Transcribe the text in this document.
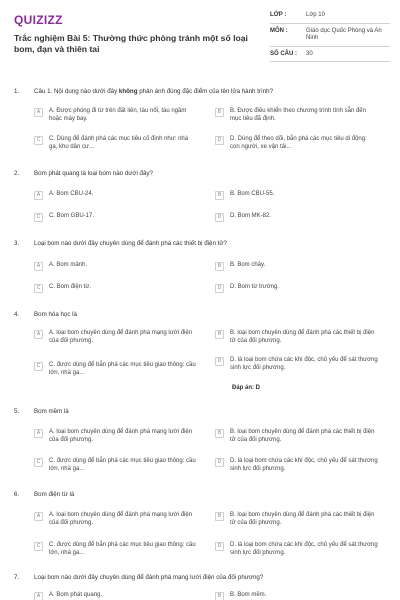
QUIZIZZ
Trắc nghiệm Bài 5: Thường thức phòng tránh một số loại bom, đạn và thiên tai
LỚP :	Lớp 10
MÔN :	Giáo dục Quốc Phòng và An Ninh
SỐ CÂU :	30
1.	Câu 1. Nội dung nào dưới đây không phản ánh đúng đặc điểm của tên lửa hành trình?
A	A. Được phóng đi từ trên đất liền, tàu nổi, tàu ngầm hoặc máy bay.
B	B. Được điều khiển theo chương trình tính sẵn đến mục tiêu đã định.
C	C. Dùng để đánh phá các mục tiêu cố định như: nhà ga, khu dân cư...
D	D. Dùng để theo dõi, bắn phá các mục tiêu di động: con người, xe vận tải...
2.	Bom phát quang là loại bom nào dưới đây?
A	A. Bom CBU-24.	B	B. Bom CBU-55.
C	C. Bom GBU-17.	D	D. Bom MK-82.
3.	Loại bom nào dưới đây chuyên dùng để đánh phá các thiết bị điện tử?
A	A. Bom mảnh.	B	B. Bom cháy.
C	C. Bom điện từ.	D	D. Bom từ trường.
4.	Bom hóa học là
A	A. loại bom chuyên dùng để đánh phá mạng lưới điện của đối phương.
B	B. loại bom chuyên dùng để đánh phá các thiết bị điện tử của đối phương.
C	C. được dùng để bắn phá các mục tiêu giao thông: cầu lớn, nhà ga...
D	D. là loại bom chứa các khí độc, chủ yếu để sát thương sinh lực đối phương.
Đáp án: D
5.	Bom mềm là
A	A. loại bom chuyên dùng để đánh phá mạng lưới điện của đối phương.
B	B. loại bom chuyên dùng để đánh phá các thiết bị điện tử của đối phương.
C	C. được dùng để bắn phá các mục tiêu giao thông: cầu lớn, nhà ga...
D	D. là loại bom chứa các khí độc, chủ yếu để sát thương sinh lực đối phương.
6.	Bom điện từ là
A	A. loại bom chuyên dùng để đánh phá mạng lưới điện của đối phương.
B	B. loại bom chuyên dùng để đánh phá các thiết bị điện tử của đối phương.
C	C. được dùng để bắn phá các mục tiêu giao thông: cầu lớn, nhà ga...
D	D. là loại bom chứa các khí độc, chủ yếu để sát thương sinh lực đối phương.
7.	Loại bom nào dưới đây chuyên dùng để đánh phá mạng lưới điện của đối phương?
A	A. Bom phát quang.	B	B. Bom mềm.
